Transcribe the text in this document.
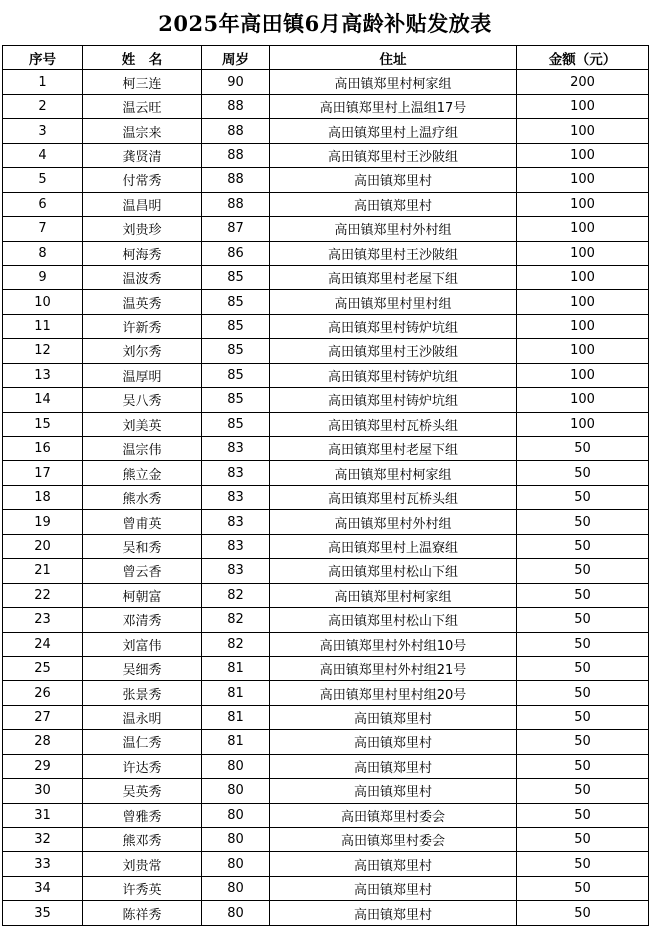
2025年高田镇6月高龄补贴发放表
序号	姓　名	周岁	住址	金额（元）
1	柯三连	90	高田镇郑里村柯家组	200
2	温云旺	88	高田镇郑里村上温组17号	100
3	温宗来	88	高田镇郑里村上温疗组	100
4	龚贤清	88	高田镇郑里村王沙陂组	100
5	付常秀	88	高田镇郑里村	100
6	温昌明	88	高田镇郑里村	100
7	刘贵珍	87	高田镇郑里村外村组	100
8	柯海秀	86	高田镇郑里村王沙陂组	100
9	温波秀	85	高田镇郑里村老屋下组	100
10	温英秀	85	高田镇郑里村里村组	100
11	许新秀	85	高田镇郑里村铸炉坑组	100
12	刘尔秀	85	高田镇郑里村王沙陂组	100
13	温厚明	85	高田镇郑里村铸炉坑组	100
14	吴八秀	85	高田镇郑里村铸炉坑组	100
15	刘美英	85	高田镇郑里村瓦桥头组	100
16	温宗伟	83	高田镇郑里村老屋下组	50
17	熊立金	83	高田镇郑里村柯家组	50
18	熊水秀	83	高田镇郑里村瓦桥头组	50
19	曾甫英	83	高田镇郑里村外村组	50
20	吴和秀	83	高田镇郑里村上温寮组	50
21	曾云香	83	高田镇郑里村松山下组	50
22	柯朝富	82	高田镇郑里村柯家组	50
23	邓清秀	82	高田镇郑里村松山下组	50
24	刘富伟	82	高田镇郑里村外村组10号	50
25	吴细秀	81	高田镇郑里村外村组21号	50
26	张景秀	81	高田镇郑里村里村组20号	50
27	温永明	81	高田镇郑里村	50
28	温仁秀	81	高田镇郑里村	50
29	许达秀	80	高田镇郑里村	50
30	吴英秀	80	高田镇郑里村	50
31	曾雅秀	80	高田镇郑里村委会	50
32	熊邓秀	80	高田镇郑里村委会	50
33	刘贵常	80	高田镇郑里村	50
34	许秀英	80	高田镇郑里村	50
35	陈祥秀	80	高田镇郑里村	50
